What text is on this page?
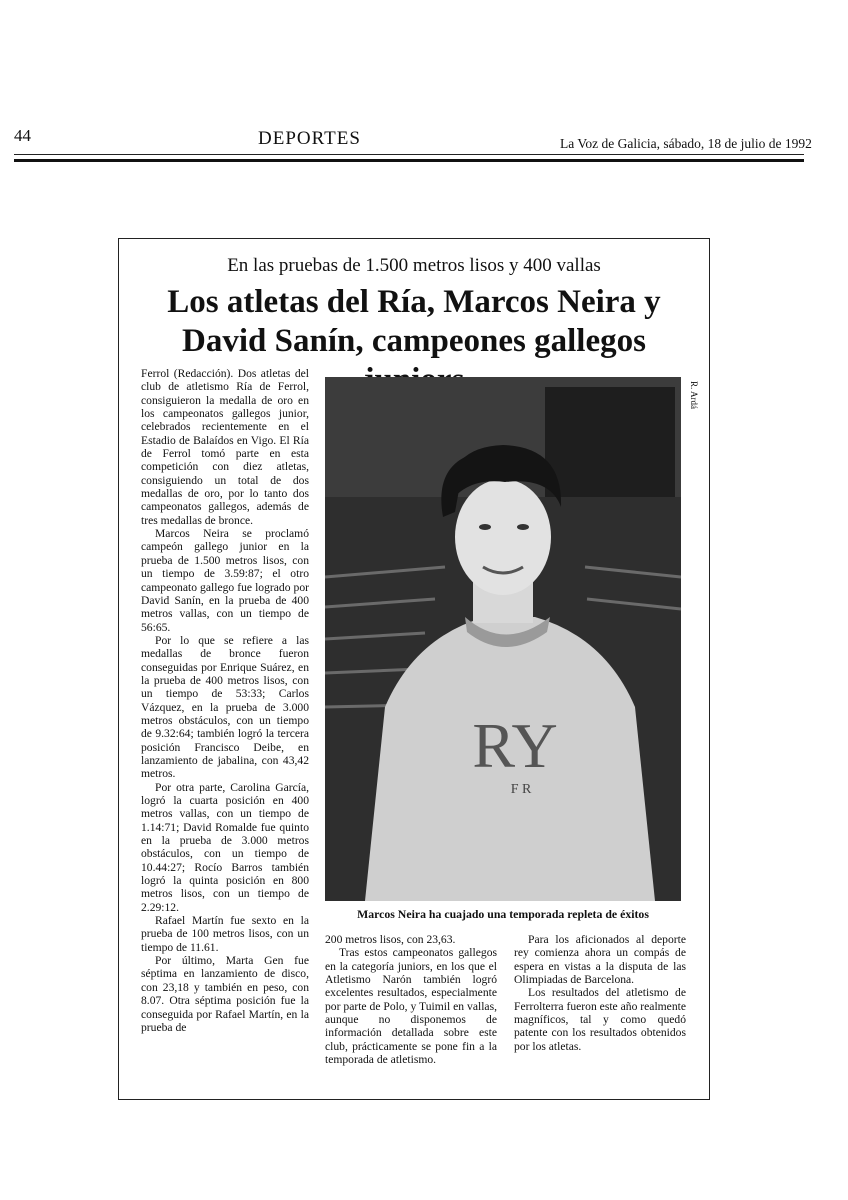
44	DEPORTES	La Voz de Galicia, sábado, 18 de julio de 1992
En las pruebas de 1.500 metros lisos y 400 vallas
Los atletas del Ría, Marcos Neira y David Sanín, campeones gallegos

Ferrol (Redacción). Dos atletas del club de atletismo Ría de Ferrol, consiguieron la medalla de oro en los campeonatos gallegos junior, celebrados recientemente en el Estadio de Balaídos en Vigo. El Ría de Ferrol tomó parte en esta competición con diez atletas, consiguiendo un total de dos medallas de oro, por lo tanto dos campeonatos gallegos, además de tres medallas de bronce.

Marcos Neira se proclamó campeón gallego junior en la prueba de 1.500 metros lisos, con un tiempo de 3.59:87; el otro campeonato gallego fue logrado por David Sanín, en la prueba de 400 metros vallas, con un tiempo de 56:65.

Por lo que se refiere a las medallas de bronce fueron conseguidas por Enrique Suárez, en la prueba de 400 metros lisos, con un tiempo de 53:33; Carlos Vázquez, en la prueba de 3.000 metros obstáculos, con un tiempo de 9.32:64; también logró la tercera posición Francisco Deibe, en lanzamiento de jabalina, con 43,42 metros.

Por otra parte, Carolina García, logró la cuarta posición en 400 metros vallas, con un tiempo de 1.14:71; David Romalde fue quinto en la prueba de 3.000 metros obstáculos, con un tiempo de 10.44:27; Rocío Barros también logró la quinta posición en 800 metros lisos, con un tiempo de 2.29:12.

Rafael Martín fue sexto en la prueba de 100 metros lisos, con un tiempo de 11.61.

Por último, Marta Gen fue séptima en lanzamiento de disco, con 23,18 y también en peso, con 8.07. Otra séptima posición fue la conseguida por Rafael Martín, en la prueba de

RY
F R
R. Ardá
Marcos Neira ha cuajado una temporada repleta de éxitos

200 metros lisos, con 23,63.

Tras estos campeonatos gallegos en la categoría juniors, en los que el Atletismo Narón también logró excelentes resultados, especialmente por parte de Polo, y Tuimil en vallas, aunque no disponemos de información detallada sobre este club, prácticamente se pone fin a la temporada de atletismo.

Para los aficionados al deporte rey comienza ahora un compás de espera en vistas a la disputa de las Olimpiadas de Barcelona.

Los resultados del atletismo de Ferrolterra fueron este año realmente magníficos, tal y como quedó patente con los resultados obtenidos por los atletas.
